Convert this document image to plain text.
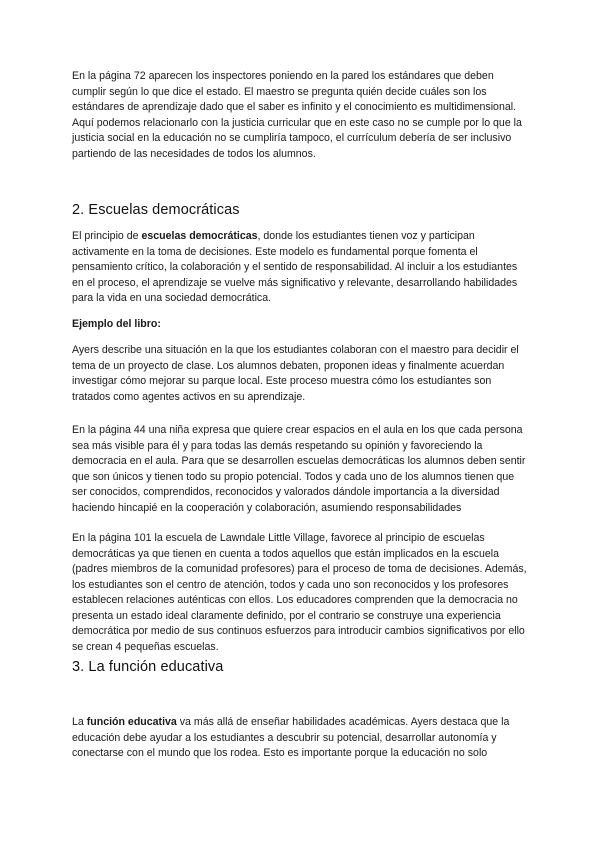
En la página 72 aparecen los inspectores poniendo en la pared los estándares que deben cumplir según lo que dice el estado. El maestro se pregunta quién decide cuáles son los estándares de aprendizaje dado que el saber es infinito y el conocimiento es multidimensional. Aquí podemos relacionarlo con la justicia curricular que en este caso no se cumple por lo que la justicia social en la educación no se cumpliría tampoco, el currículum debería de ser inclusivo partiendo de las necesidades de todos los alumnos.

2. Escuelas democráticas

El principio de escuelas democráticas, donde los estudiantes tienen voz y participan activamente en la toma de decisiones. Este modelo es fundamental porque fomenta el pensamiento crítico, la colaboración y el sentido de responsabilidad. Al incluir a los estudiantes en el proceso, el aprendizaje se vuelve más significativo y relevante, desarrollando habilidades para la vida en una sociedad democrática.

Ejemplo del libro:

Ayers describe una situación en la que los estudiantes colaboran con el maestro para decidir el tema de un proyecto de clase. Los alumnos debaten, proponen ideas y finalmente acuerdan investigar cómo mejorar su parque local. Este proceso muestra cómo los estudiantes son tratados como agentes activos en su aprendizaje.

En la página 44 una niña expresa que quiere crear espacios en el aula en los que cada persona sea más visible para él y para todas las demás respetando su opinión y favoreciendo la democracia en el aula. Para que se desarrollen escuelas democráticas los alumnos deben sentir que son únicos y tienen todo su propio potencial. Todos y cada uno de los alumnos tienen que ser conocidos, comprendidos, reconocidos y valorados dándole importancia a la diversidad haciendo hincapié en la cooperación y colaboración, asumiendo responsabilidades

En la página 101 la escuela de Lawndale Little Village, favorece al principio de escuelas democráticas ya que tienen en cuenta a todos aquellos que están implicados en la escuela (padres miembros de la comunidad profesores) para el proceso de toma de decisiones. Además, los estudiantes son el centro de atención, todos y cada uno son reconocidos y los profesores establecen relaciones auténticas con ellos. Los educadores comprenden que la democracia no presenta un estado ideal claramente definido, por el contrario se construye una experiencia democrática por medio de sus continuos esfuerzos para introducir cambios significativos por ello se crean 4 pequeñas escuelas.

3. La función educativa

La función educativa va más allá de enseñar habilidades académicas. Ayers destaca que la educación debe ayudar a los estudiantes a descubrir su potencial, desarrollar autonomía y conectarse con el mundo que los rodea. Esto es importante porque la educación no solo
